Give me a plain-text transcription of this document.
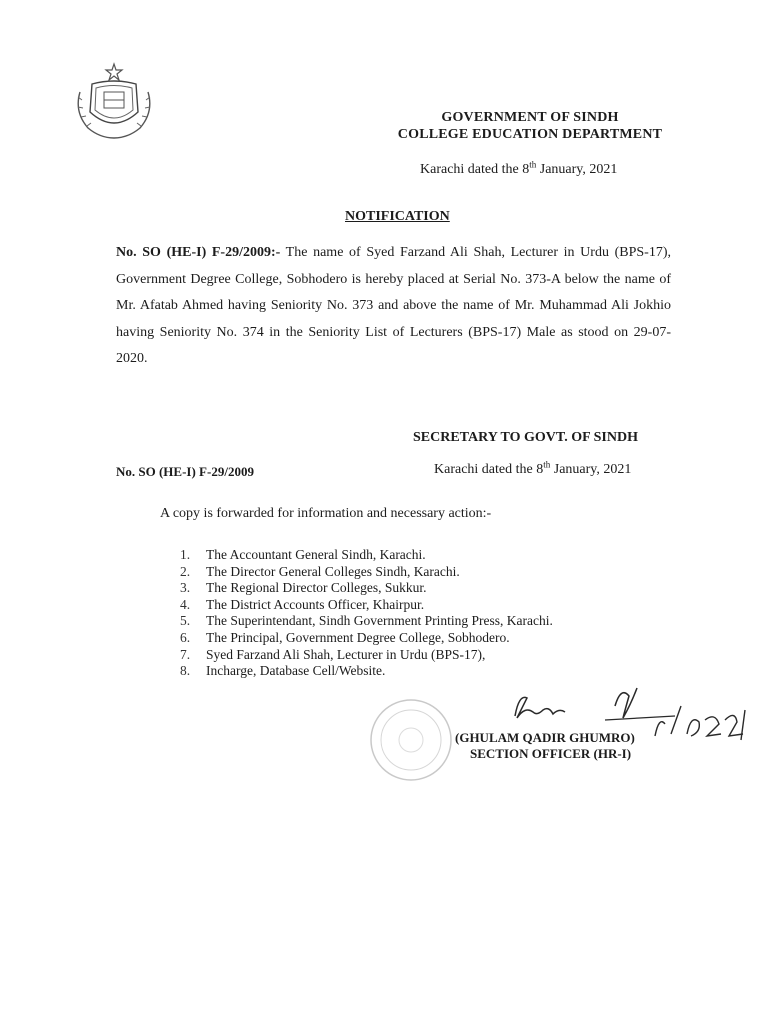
GOVERNMENT OF SINDH
COLLEGE EDUCATION DEPARTMENT
Karachi dated the 8th January, 2021
NOTIFICATION
No. SO (HE-I) F-29/2009:- The name of Syed Farzand Ali Shah, Lecturer in Urdu (BPS-17), Government Degree College, Sobhodero is hereby placed at Serial No. 373-A below the name of Mr. Afatab Ahmed having Seniority No. 373 and above the name of Mr. Muhammad Ali Jokhio having Seniority No. 374 in the Seniority List of Lecturers (BPS-17) Male as stood on 29-07-2020.
SECRETARY TO GOVT. OF SINDH
No. SO (HE-I) F-29/2009	Karachi dated the 8th January, 2021
A copy is forwarded for information and necessary action:-
1.	The Accountant General Sindh, Karachi.
2.	The Director General Colleges Sindh, Karachi.
3.	The Regional Director Colleges, Sukkur.
4.	The District Accounts Officer, Khairpur.
5.	The Superintendant, Sindh Government Printing Press, Karachi.
6.	The Principal, Government Degree College, Sobhodero.
7.	Syed Farzand Ali Shah, Lecturer in Urdu (BPS-17),
8.	Incharge, Database Cell/Website.
(GHULAM QADIR GHUMRO)
SECTION OFFICER (HR-I)
